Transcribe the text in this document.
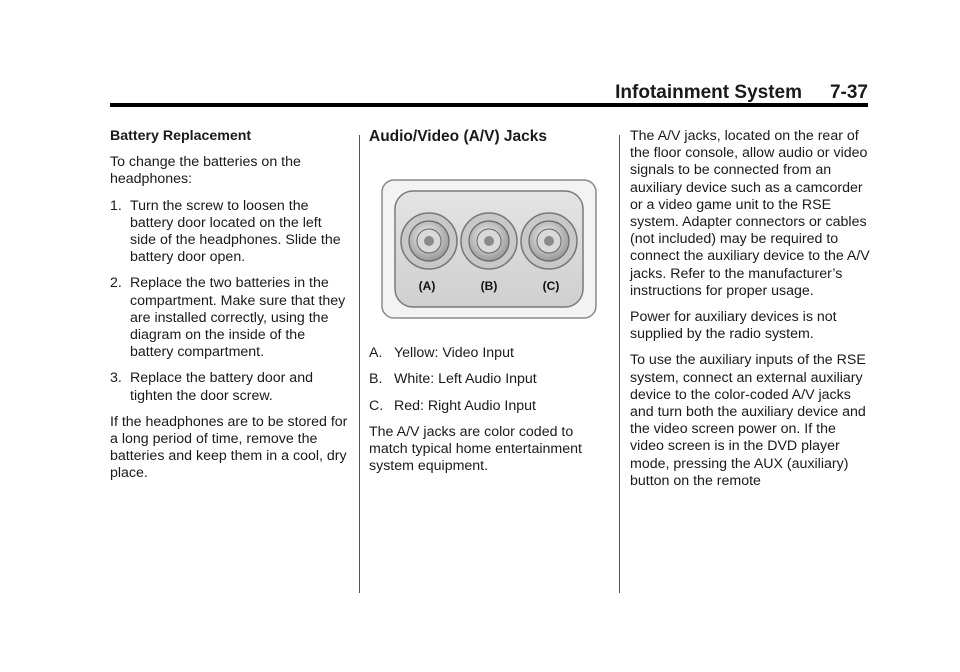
Infotainment System 7-37

Battery Replacement

To change the batteries on the headphones:

1. Turn the screw to loosen the battery door located on the left side of the headphones. Slide the battery door open.
2. Replace the two batteries in the compartment. Make sure that they are installed correctly, using the diagram on the inside of the battery compartment.
3. Replace the battery door and tighten the door screw.

If the headphones are to be stored for a long period of time, remove the batteries and keep them in a cool, dry place.

Audio/Video (A/V) Jacks

(A)	(B)	(C)
A. Yellow: Video Input
B. White: Left Audio Input
C. Red: Right Audio Input

The A/V jacks are color coded to match typical home entertainment system equipment.

The A/V jacks, located on the rear of the floor console, allow audio or video signals to be connected from an auxiliary device such as a camcorder or a video game unit to the RSE system. Adapter connectors or cables (not included) may be required to connect the auxiliary device to the A/V jacks. Refer to the manufacturer’s instructions for proper usage.

Power for auxiliary devices is not supplied by the radio system.

To use the auxiliary inputs of the RSE system, connect an external auxiliary device to the color-coded A/V jacks and turn both the auxiliary device and the video screen power on. If the video screen is in the DVD player mode, pressing the AUX (auxiliary) button on the remote
